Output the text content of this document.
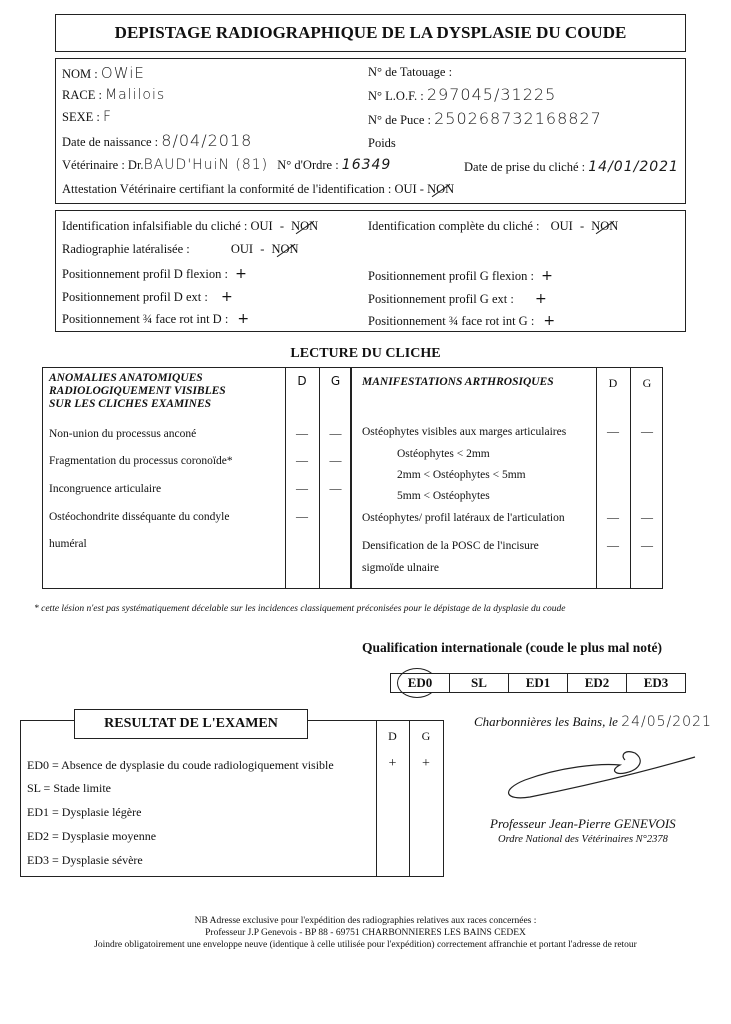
DEPISTAGE RADIOGRAPHIQUE DE LA DYSPLASIE DU COUDE
NOM : OWiE
RACE : Malilois
SEXE : F
Date de naissance : 8/04/2018
Vétérinaire : Dr.BAUD'HuiN (81) N° d'Ordre : 16349	Date de prise du cliché : 14/01/2021
Attestation Vétérinaire certifiant la conformité de l'identification : OUI - NON
N° de Tatouage :
N° L.O.F. : 297045/31225
N° de Puce : 250268732168827
Poids
Identification infalsifiable du cliché : OUI - NON	Identification complète du cliché : OUI - NON
Radiographie latéralisée :	OUI - NON
Positionnement profil D flexion : +	Positionnement profil G flexion : +
Positionnement profil D ext : +	Positionnement profil G ext : +
Positionnement ¾ face rot int D : +	Positionnement ¾ face rot int G : +
LECTURE DU CLICHE
ANOMALIES ANATOMIQUES
RADIOLOGIQUEMENT VISIBLES
SUR LES CLICHES EXAMINES
D	G
Non-union du processus anconé	—	—
Fragmentation du processus coronoïde*	—	—
Incongruence articulaire	—	—
Ostéochondrite disséquante du condyle	—
huméral
MANIFESTATIONS ARTHROSIQUES	D	G
Ostéophytes visibles aux marges articulaires	—	—
Ostéophytes < 2mm
2mm < Ostéophytes < 5mm
5mm < Ostéophytes
Ostéophytes/ profil latéraux de l'articulation	—	—
Densification de la POSC de l'incisure	—	—
sigmoïde ulnaire
* cette lésion n'est pas systématiquement décelable sur les incidences classiquement préconisées pour le dépistage de la dysplasie du coude
Qualification internationale (coude le plus mal noté)
ED0	SL	ED1	ED2	ED3
D	G
ED0 = Absence de dysplasie du coude radiologiquement visible	+	+
SL = Stade limite
ED1 = Dysplasie légère
ED2 = Dysplasie moyenne
ED3 = Dysplasie sévère
RESULTAT DE L'EXAMEN	Charbonnières les Bains, le 24/05/2021
Professeur Jean-Pierre GENEVOIS
Ordre National des Vétérinaires N°2378
NB Adresse exclusive pour l'expédition des radiographies relatives aux races concernées :
Professeur J.P Genevois - BP 88 - 69751 CHARBONNIERES LES BAINS CEDEX
Joindre obligatoirement une enveloppe neuve (identique à celle utilisée pour l'expédition) correctement affranchie et portant l'adresse de retour
